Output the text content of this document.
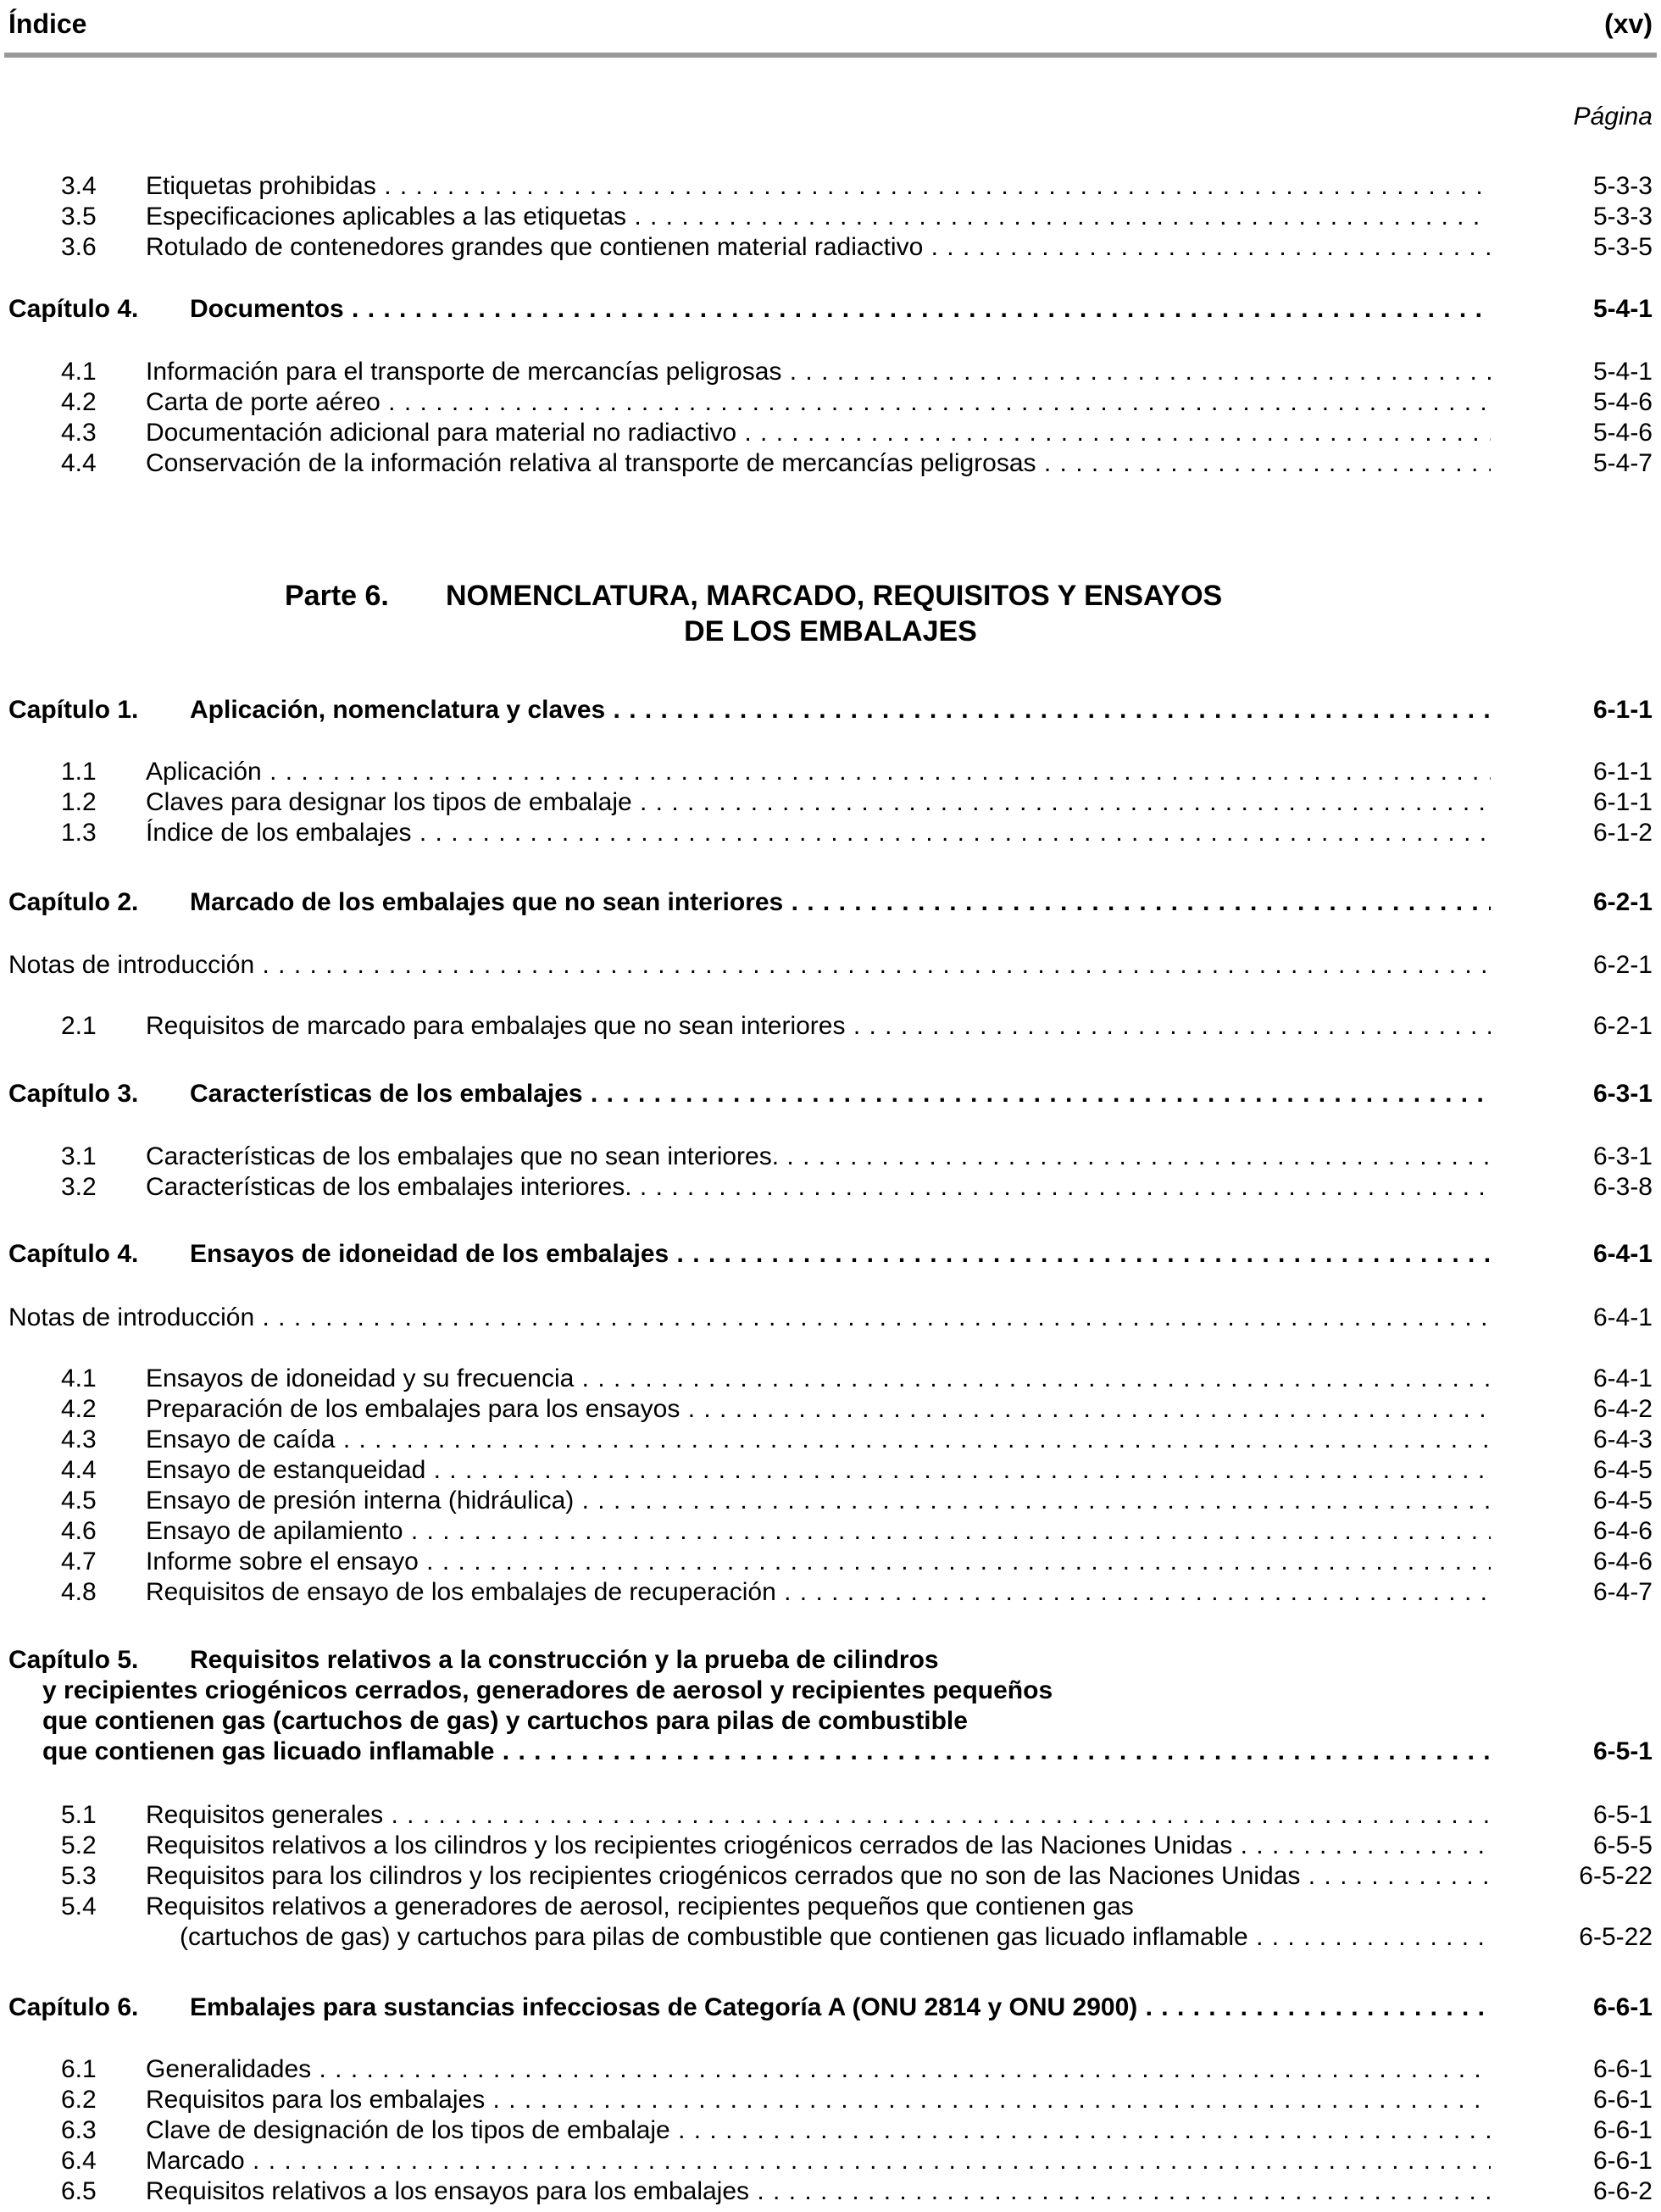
Índice	(xv)
Página
3.4 Etiquetas prohibidas . . .	5-3-3
3.5 Especificaciones aplicables a las etiquetas . . .	5-3-3
3.6 Rotulado de contenedores grandes que contienen material radiactivo . . .	5-3-5
Capítulo 4. Documentos . . .	5-4-1
4.1 Información para el transporte de mercancías peligrosas . . .	5-4-1
4.2 Carta de porte aéreo . . .	5-4-6
4.3 Documentación adicional para material no radiactivo . . .	5-4-6
4.4 Conservación de la información relativa al transporte de mercancías peligrosas . . .	5-4-7
Parte 6. NOMENCLATURA, MARCADO, REQUISITOS Y ENSAYOS
DE LOS EMBALAJES
Capítulo 1. Aplicación, nomenclatura y claves . . .	6-1-1
1.1 Aplicación . . .	6-1-1
1.2 Claves para designar los tipos de embalaje . . .	6-1-1
1.3 Índice de los embalajes . . .	6-1-2
Capítulo 2. Marcado de los embalajes que no sean interiores . . .	6-2-1
Notas de introducción . . .	6-2-1
2.1 Requisitos de marcado para embalajes que no sean interiores . . .	6-2-1
Capítulo 3. Características de los embalajes . . .	6-3-1
3.1 Características de los embalajes que no sean interiores. . . .	6-3-1
3.2 Características de los embalajes interiores. . . .	6-3-8
Capítulo 4. Ensayos de idoneidad de los embalajes . . .	6-4-1
Notas de introducción . . .	6-4-1
4.1 Ensayos de idoneidad y su frecuencia . . .	6-4-1
4.2 Preparación de los embalajes para los ensayos . . .	6-4-2
4.3 Ensayo de caída . . .	6-4-3
4.4 Ensayo de estanqueidad . . .	6-4-5
4.5 Ensayo de presión interna (hidráulica) . . .	6-4-5
4.6 Ensayo de apilamiento . . .	6-4-6
4.7 Informe sobre el ensayo . . .	6-4-6
4.8 Requisitos de ensayo de los embalajes de recuperación . . .	6-4-7
Capítulo 5. Requisitos relativos a la construcción y la prueba de cilindros
y recipientes criogénicos cerrados, generadores de aerosol y recipientes pequeños
que contienen gas (cartuchos de gas) y cartuchos para pilas de combustible
que contienen gas licuado inflamable . . .	6-5-1
5.1 Requisitos generales . . .	6-5-1
5.2 Requisitos relativos a los cilindros y los recipientes criogénicos cerrados de las Naciones Unidas . . .	6-5-5
5.3 Requisitos para los cilindros y los recipientes criogénicos cerrados que no son de las Naciones Unidas . . .	6-5-22
5.4 Requisitos relativos a generadores de aerosol, recipientes pequeños que contienen gas
(cartuchos de gas) y cartuchos para pilas de combustible que contienen gas licuado inflamable . . .	6-5-22
Capítulo 6. Embalajes para sustancias infecciosas de Categoría A (ONU 2814 y ONU 2900) . . .	6-6-1
6.1 Generalidades . . .	6-6-1
6.2 Requisitos para los embalajes . . .	6-6-1
6.3 Clave de designación de los tipos de embalaje . . .	6-6-1
6.4 Marcado . . .	6-6-1
6.5 Requisitos relativos a los ensayos para los embalajes . . .	6-6-2
